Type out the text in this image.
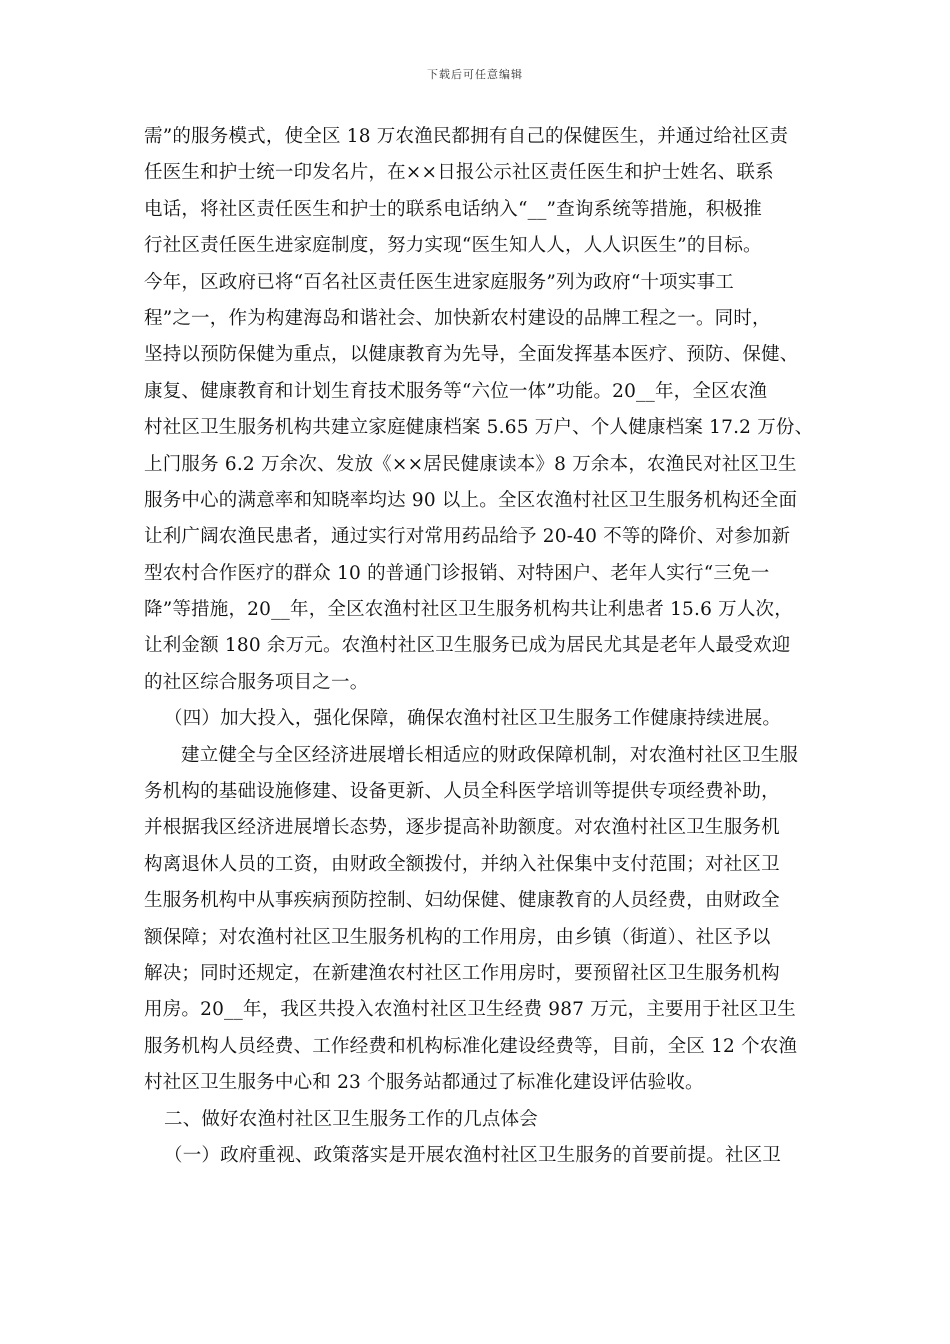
下载后可任意编辑
需”的服务模式，使全区 18 万农渔民都拥有自己的保健医生，并通过给社区责
任医生和护士统一印发名片，在××日报公示社区责任医生和护士姓名、联系
电话，将社区责任医生和护士的联系电话纳入“__”查询系统等措施，积极推
行社区责任医生进家庭制度，努力实现“医生知人人，人人识医生”的目标。
今年，区政府已将“百名社区责任医生进家庭服务”列为政府“十项实事工
程”之一，作为构建海岛和谐社会、加快新农村建设的品牌工程之一。同时，
坚持以预防保健为重点，以健康教育为先导，全面发挥基本医疗、预防、保健、
康复、健康教育和计划生育技术服务等“六位一体”功能。20__年，全区农渔
村社区卫生服务机构共建立家庭健康档案 5.65 万户、个人健康档案 17.2 万份、
上门服务 6.2 万余次、发放《××居民健康读本》8 万余本，农渔民对社区卫生
服务中心的满意率和知晓率均达 90 以上。全区农渔村社区卫生服务机构还全面
让利广阔农渔民患者，通过实行对常用药品给予 20-40 不等的降价、对参加新
型农村合作医疗的群众 10 的普通门诊报销、对特困户、老年人实行“三免一
降”等措施，20__年，全区农渔村社区卫生服务机构共让利患者 15.6 万人次，
让利金额 180 余万元。农渔村社区卫生服务已成为居民尤其是老年人最受欢迎
的社区综合服务项目之一。
（四）加大投入，强化保障，确保农渔村社区卫生服务工作健康持续进展。
建立健全与全区经济进展增长相适应的财政保障机制，对农渔村社区卫生服
务机构的基础设施修建、设备更新、人员全科医学培训等提供专项经费补助，
并根据我区经济进展增长态势，逐步提高补助额度。对农渔村社区卫生服务机
构离退休人员的工资，由财政全额拨付，并纳入社保集中支付范围；对社区卫
生服务机构中从事疾病预防控制、妇幼保健、健康教育的人员经费，由财政全
额保障；对农渔村社区卫生服务机构的工作用房，由乡镇（街道）、社区予以
解决；同时还规定，在新建渔农村社区工作用房时，要预留社区卫生服务机构
用房。20__年，我区共投入农渔村社区卫生经费 987 万元，主要用于社区卫生
服务机构人员经费、工作经费和机构标准化建设经费等，目前，全区 12 个农渔
村社区卫生服务中心和 23 个服务站都通过了标准化建设评估验收。
二、做好农渔村社区卫生服务工作的几点体会
（一）政府重视、政策落实是开展农渔村社区卫生服务的首要前提。社区卫
